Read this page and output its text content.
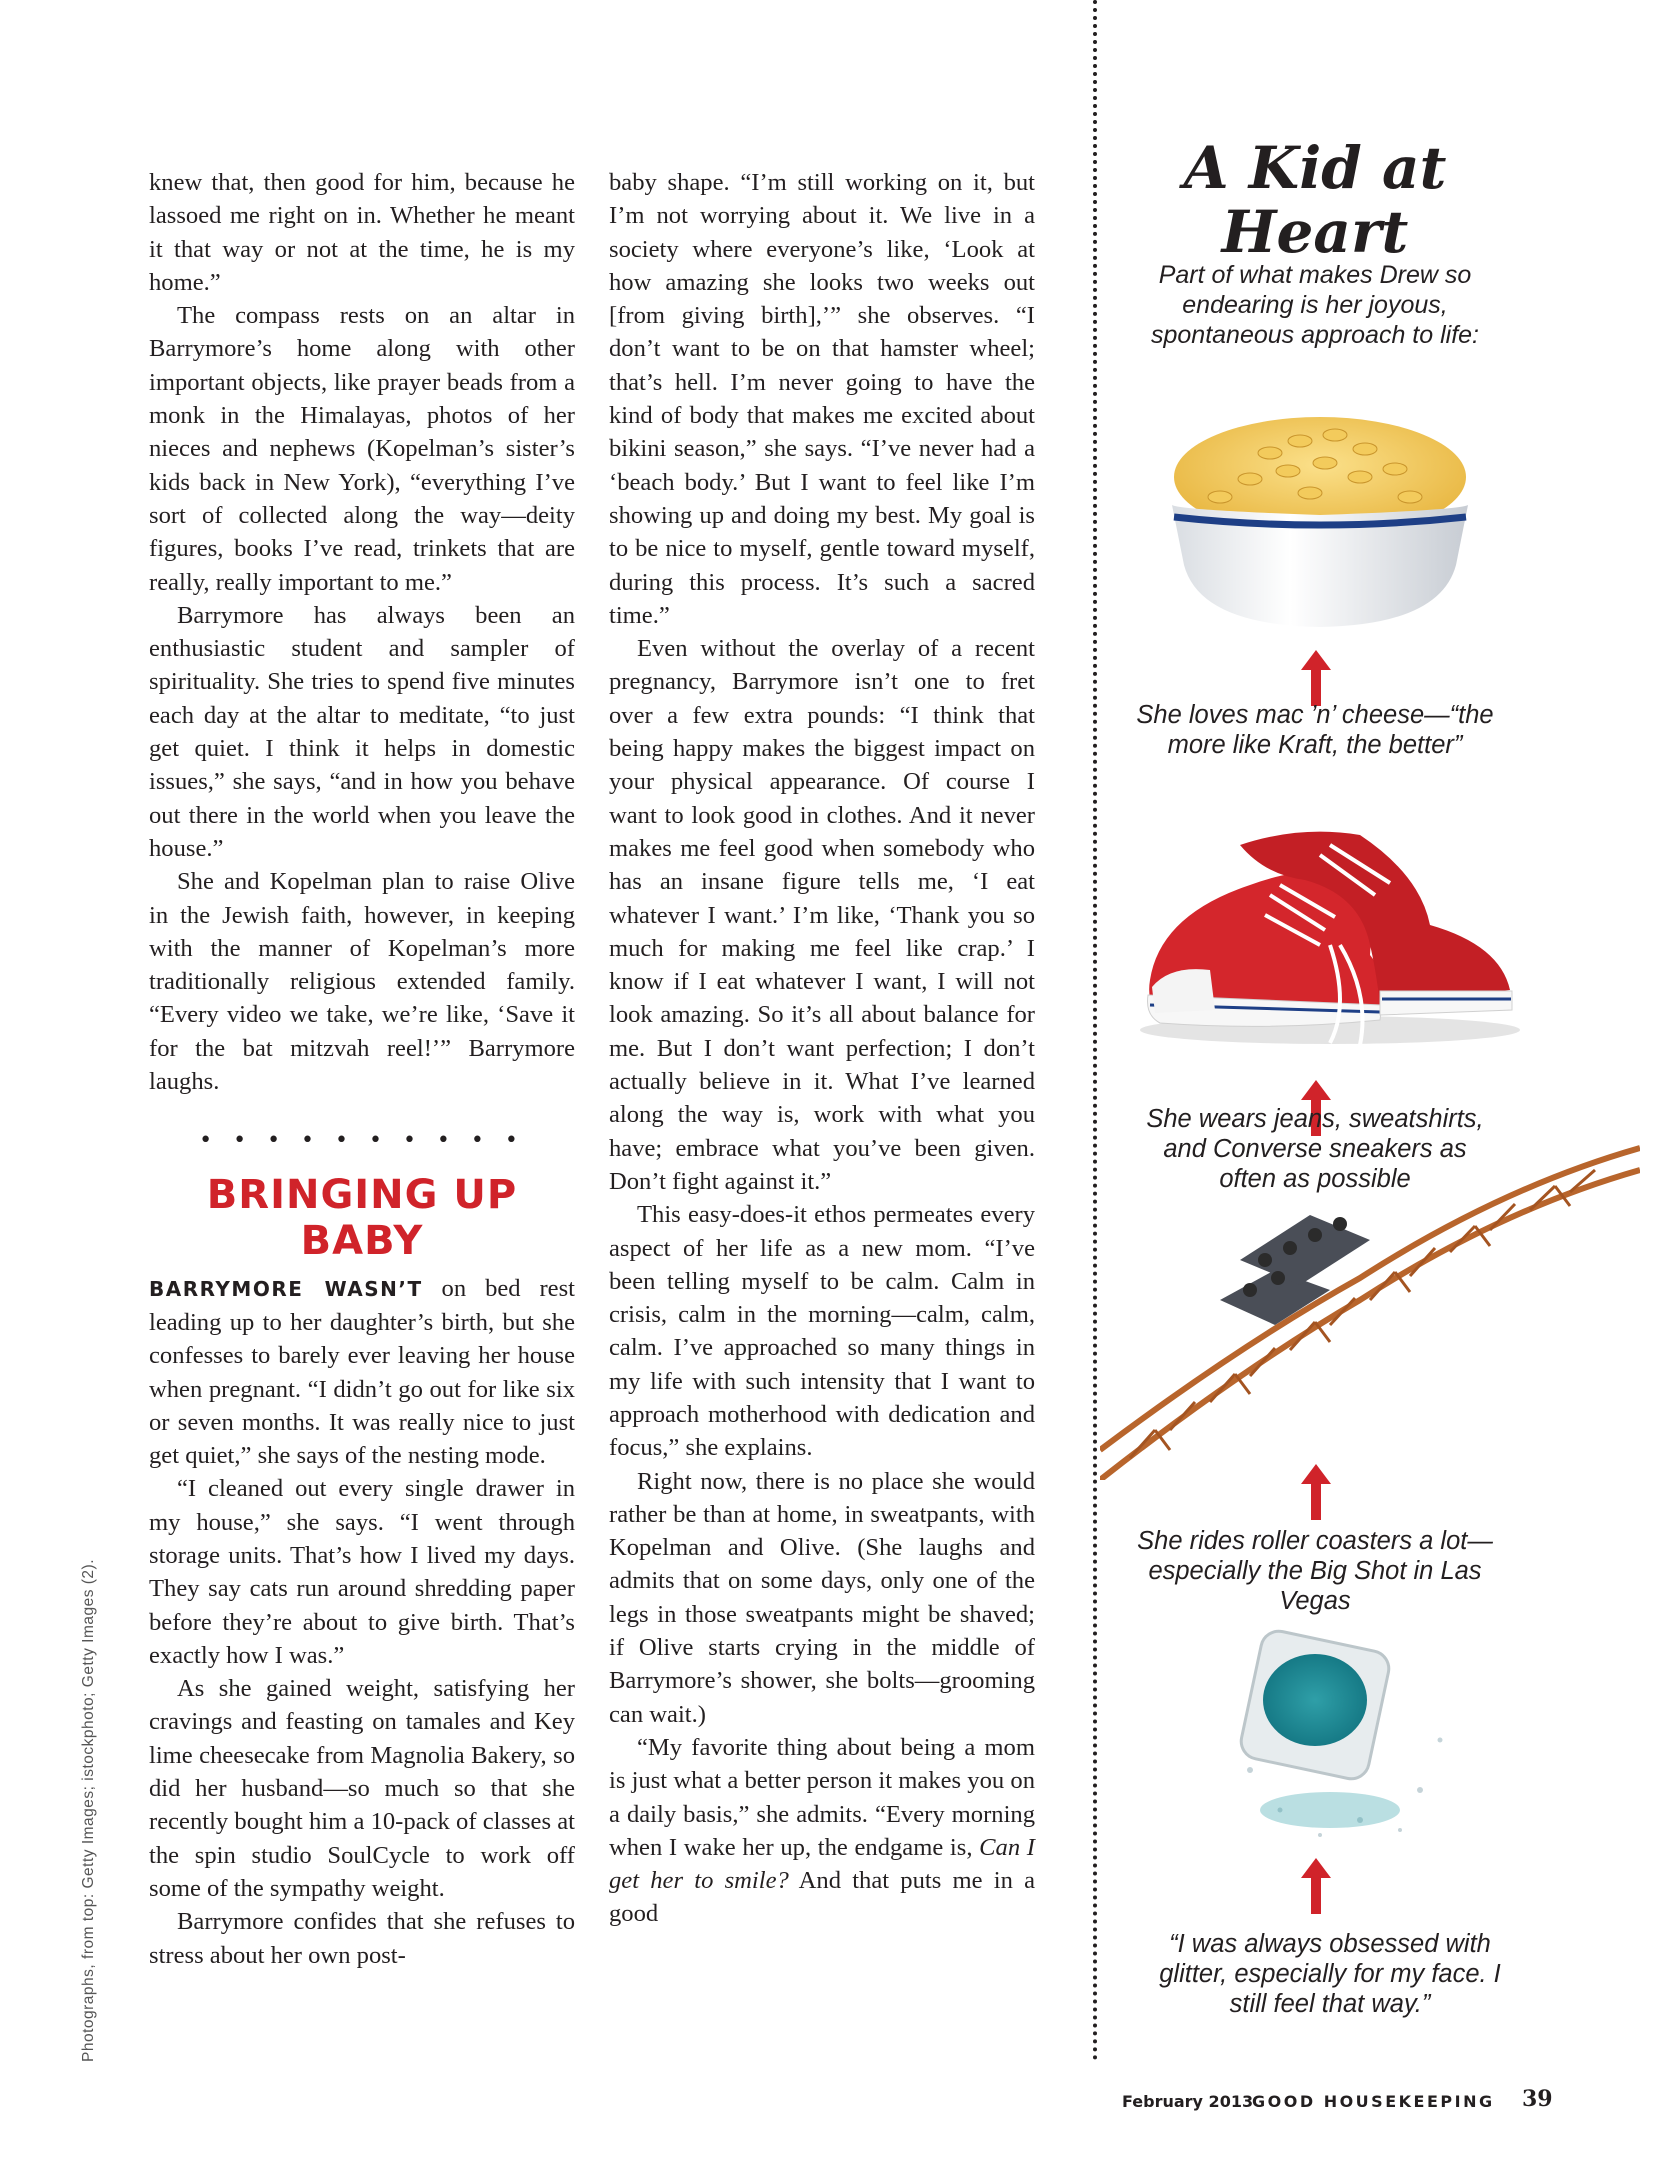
knew that, then good for him, because he lassoed me right on in. Whether he meant it that way or not at the time, he is my home.”

The compass rests on an altar in Barrymore’s home along with other important objects, like prayer beads from a monk in the Himalayas, photos of her nieces and nephews (Kopelman’s sister’s kids back in New York), “everything I’ve sort of collected along the way—deity figures, books I’ve read, trinkets that are really, really important to me.”

Barrymore has always been an enthusiastic student and sampler of spirituality. She tries to spend five minutes each day at the altar to meditate, “to just get quiet. I think it helps in domestic issues,” she says, “and in how you behave out there in the world when you leave the house.”

She and Kopelman plan to raise Olive in the Jewish faith, however, in keeping with the manner of Kopelman’s more traditionally religious extended family. “Every video we take, we’re like, ‘Save it for the bat mitzvah reel!’” Barrymore laughs.

• • • • • • • • • •
BRINGING UP
BABY

BARRYMORE WASN’T on bed rest leading up to her daughter’s birth, but she confesses to barely ever leaving her house when pregnant. “I didn’t go out for like six or seven months. It was really nice to just get quiet,” she says of the nesting mode.

“I cleaned out every single drawer in my house,” she says. “I went through storage units. That’s how I lived my days. They say cats run around shredding paper before they’re about to give birth. That’s exactly how I was.”

As she gained weight, satisfying her cravings and feasting on tamales and Key lime cheesecake from Magnolia Bakery, so did her husband—so much so that she recently bought him a 10-pack of classes at the spin studio SoulCycle to work off some of the sympathy weight.

Barrymore confides that she refuses to stress about her own post-

baby shape. “I’m still working on it, but I’m not worrying about it. We live in a society where everyone’s like, ‘Look at how amazing she looks two weeks out [from giving birth],’” she observes. “I don’t want to be on that hamster wheel; that’s hell. I’m never going to have the kind of body that makes me excited about bikini season,” she says. “I’ve never had a ‘beach body.’ But I want to feel like I’m showing up and doing my best. My goal is to be nice to myself, gentle toward myself, during this process. It’s such a sacred time.”

Even without the overlay of a recent pregnancy, Barrymore isn’t one to fret over a few extra pounds: “I think that being happy makes the biggest impact on your physical appearance. Of course I want to look good in clothes. And it never makes me feel good when somebody who has an insane figure tells me, ‘I eat whatever I want.’ I’m like, ‘Thank you so much for making me feel like crap.’ I know if I eat whatever I want, I will not look amazing. So it’s all about balance for me. But I don’t want perfection; I don’t actually believe in it. What I’ve learned along the way is, work with what you have; embrace what you’ve been given. Don’t fight against it.”

This easy-does-it ethos permeates every aspect of her life as a new mom. “I’ve been telling myself to be calm. Calm in crisis, calm in the morning—calm, calm, calm. I’ve approached so many things in my life with such intensity that I want to approach motherhood with dedication and focus,” she explains.

Right now, there is no place she would rather be than at home, in sweatpants, with Kopelman and Olive. (She laughs and admits that on some days, only one of the legs in those sweatpants might be shaved; if Olive starts crying in the middle of Barrymore’s shower, she bolts—grooming can wait.)

“My favorite thing about being a mom is just what a better person it makes you on a daily basis,” she admits. “Every morning when I wake her up, the endgame is, Can I get her to smile? And that puts me in a good

Photographs, from top: Getty Images; istockphoto; Getty Images (2).
A Kid at
Heart
Part of what makes Drew so endearing is her joyous, spontaneous approach to life:
She loves mac ’n’ cheese—“the more like Kraft, the better”
She wears jeans, sweatshirts, and Converse sneakers as often as possible
She rides roller coasters a lot—especially the Big Shot in Las Vegas
“I was always obsessed with glitter, especially for my face. I still feel that way.”
February 2013
GOOD HOUSEKEEPING 39
